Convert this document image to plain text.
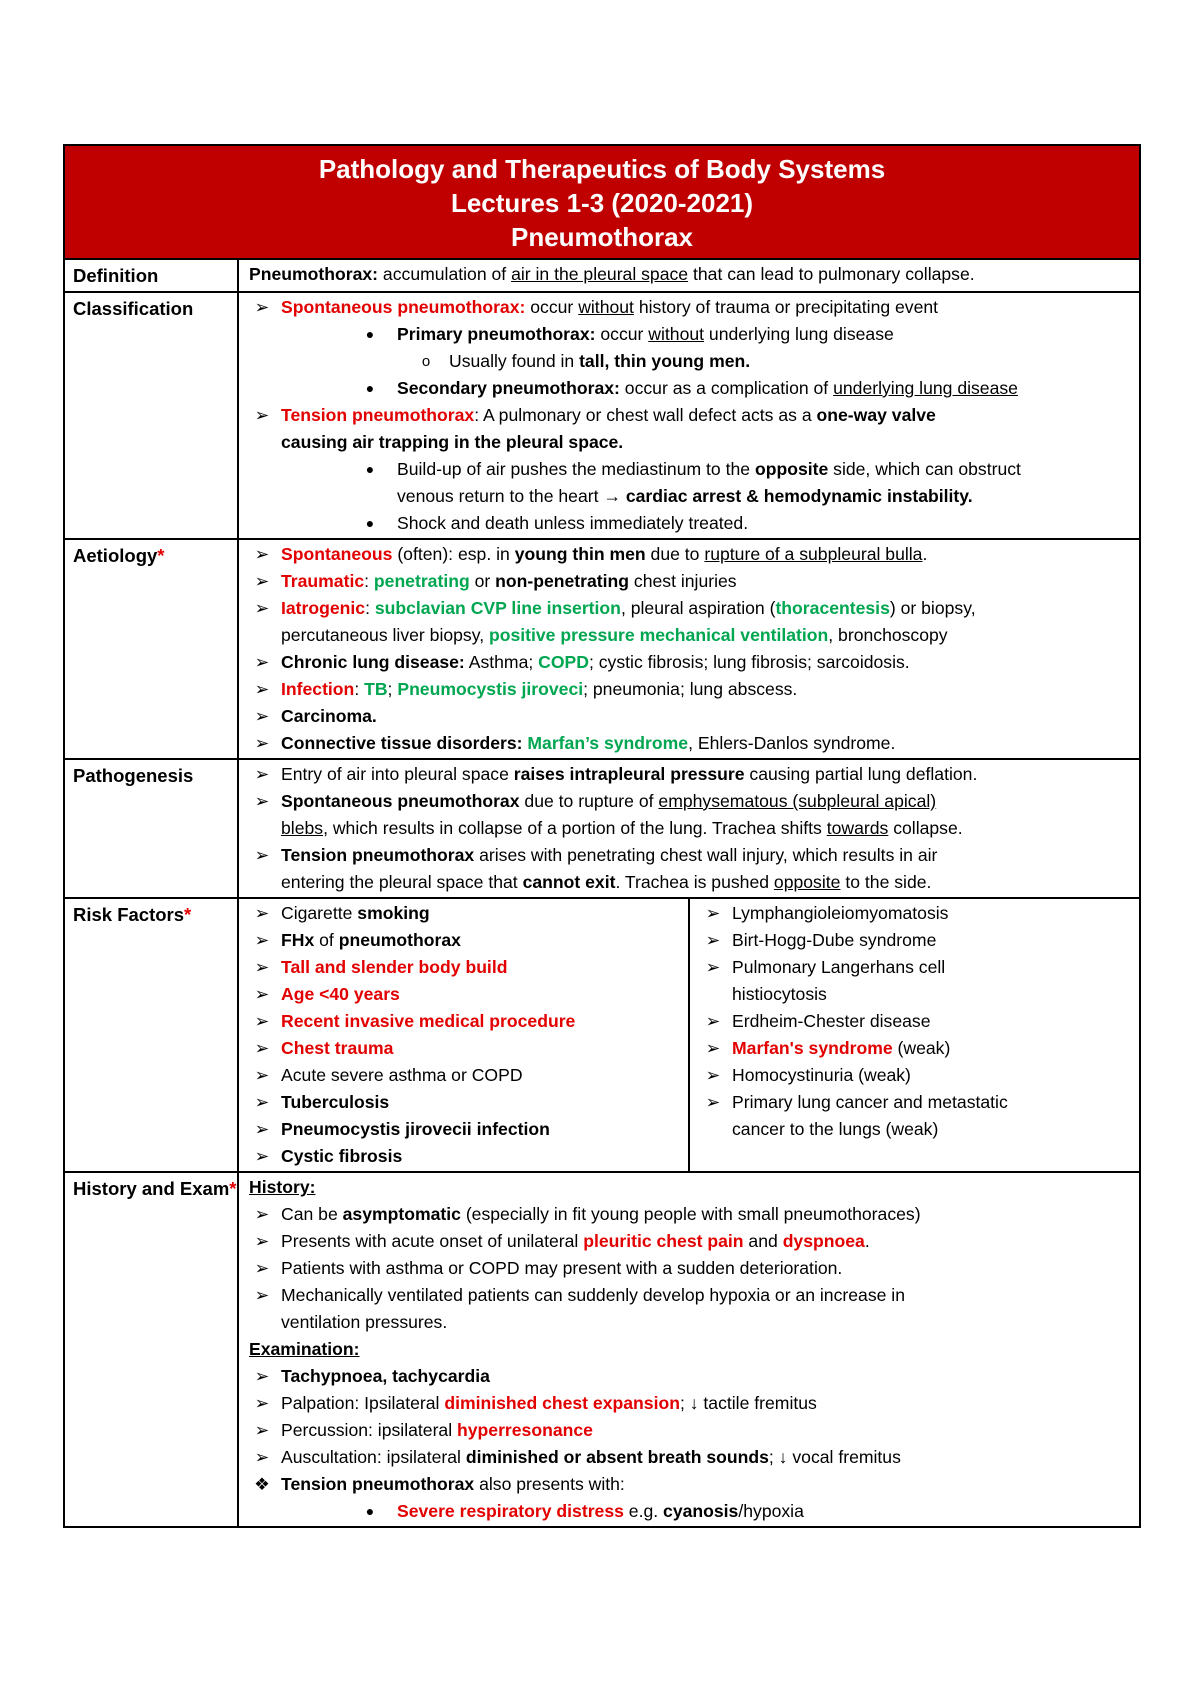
Pathology and Therapeutics of Body Systems
Lectures 1-3 (2020-2021)
Pneumothorax

Definition	Pneumothorax: accumulation of air in the pleural space that can lead to pulmonary collapse.

Classification	➢ Spontaneous pneumothorax: occur without history of trauma or precipitating event
●	Primary pneumothorax: occur without underlying lung disease
o	Usually found in tall, thin young men.
●	Secondary pneumothorax: occur as a complication of underlying lung disease
➢ Tension pneumothorax: A pulmonary or chest wall defect acts as a one-way valve
causing air trapping in the pleural space.
●	Build-up of air pushes the mediastinum to the opposite side, which can obstruct
venous return to the heart → cardiac arrest & hemodynamic instability.
●	Shock and death unless immediately treated.

Aetiology*	➢ Spontaneous (often): esp. in young thin men due to rupture of a subpleural bulla.
➢ Traumatic: penetrating or non-penetrating chest injuries
➢ Iatrogenic: subclavian CVP line insertion, pleural aspiration (thoracentesis) or biopsy,
percutaneous liver biopsy, positive pressure mechanical ventilation, bronchoscopy
➢ Chronic lung disease: Asthma; COPD; cystic fibrosis; lung fibrosis; sarcoidosis.
➢ Infection: TB; Pneumocystis jiroveci; pneumonia; lung abscess.
➢ Carcinoma.
➢ Connective tissue disorders: Marfan’s syndrome, Ehlers-Danlos syndrome.

Pathogenesis	➢ Entry of air into pleural space raises intrapleural pressure causing partial lung deflation.
➢ Spontaneous pneumothorax due to rupture of emphysematous (subpleural apical)
blebs, which results in collapse of a portion of the lung. Trachea shifts towards collapse.
➢ Tension pneumothorax arises with penetrating chest wall injury, which results in air
entering the pleural space that cannot exit. Trachea is pushed opposite to the side.

Risk Factors*		➢ Cigarette smoking
➢ FHx of pneumothorax
➢ Tall and slender body build
➢ Age <40 years
➢ Recent invasive medical procedure
➢ Chest trauma
➢ Acute severe asthma or COPD
➢ Tuberculosis
➢ Pneumocystis jirovecii infection
➢ Cystic fibrosis

➢ Lymphangioleiomyomatosis
➢ Birt-Hogg-Dube syndrome
➢ Pulmonary Langerhans cell
histiocytosis
➢ Erdheim-Chester disease
➢ Marfan's syndrome (weak)
➢ Homocystinuria (weak)
➢ Primary lung cancer and metastatic
cancer to the lungs (weak)

History and Exam*	History:
➢ Can be asymptomatic (especially in fit young people with small pneumothoraces)
➢ Presents with acute onset of unilateral pleuritic chest pain and dyspnoea.
➢ Patients with asthma or COPD may present with a sudden deterioration.
➢ Mechanically ventilated patients can suddenly develop hypoxia or an increase in
ventilation pressures.
Examination:
➢ Tachypnoea, tachycardia
➢ Palpation: Ipsilateral diminished chest expansion; ↓ tactile fremitus
➢ Percussion: ipsilateral hyperresonance
➢ Auscultation: ipsilateral diminished or absent breath sounds; ↓ vocal fremitus
❖ Tension pneumothorax also presents with:
●	Severe respiratory distress e.g. cyanosis/hypoxia
